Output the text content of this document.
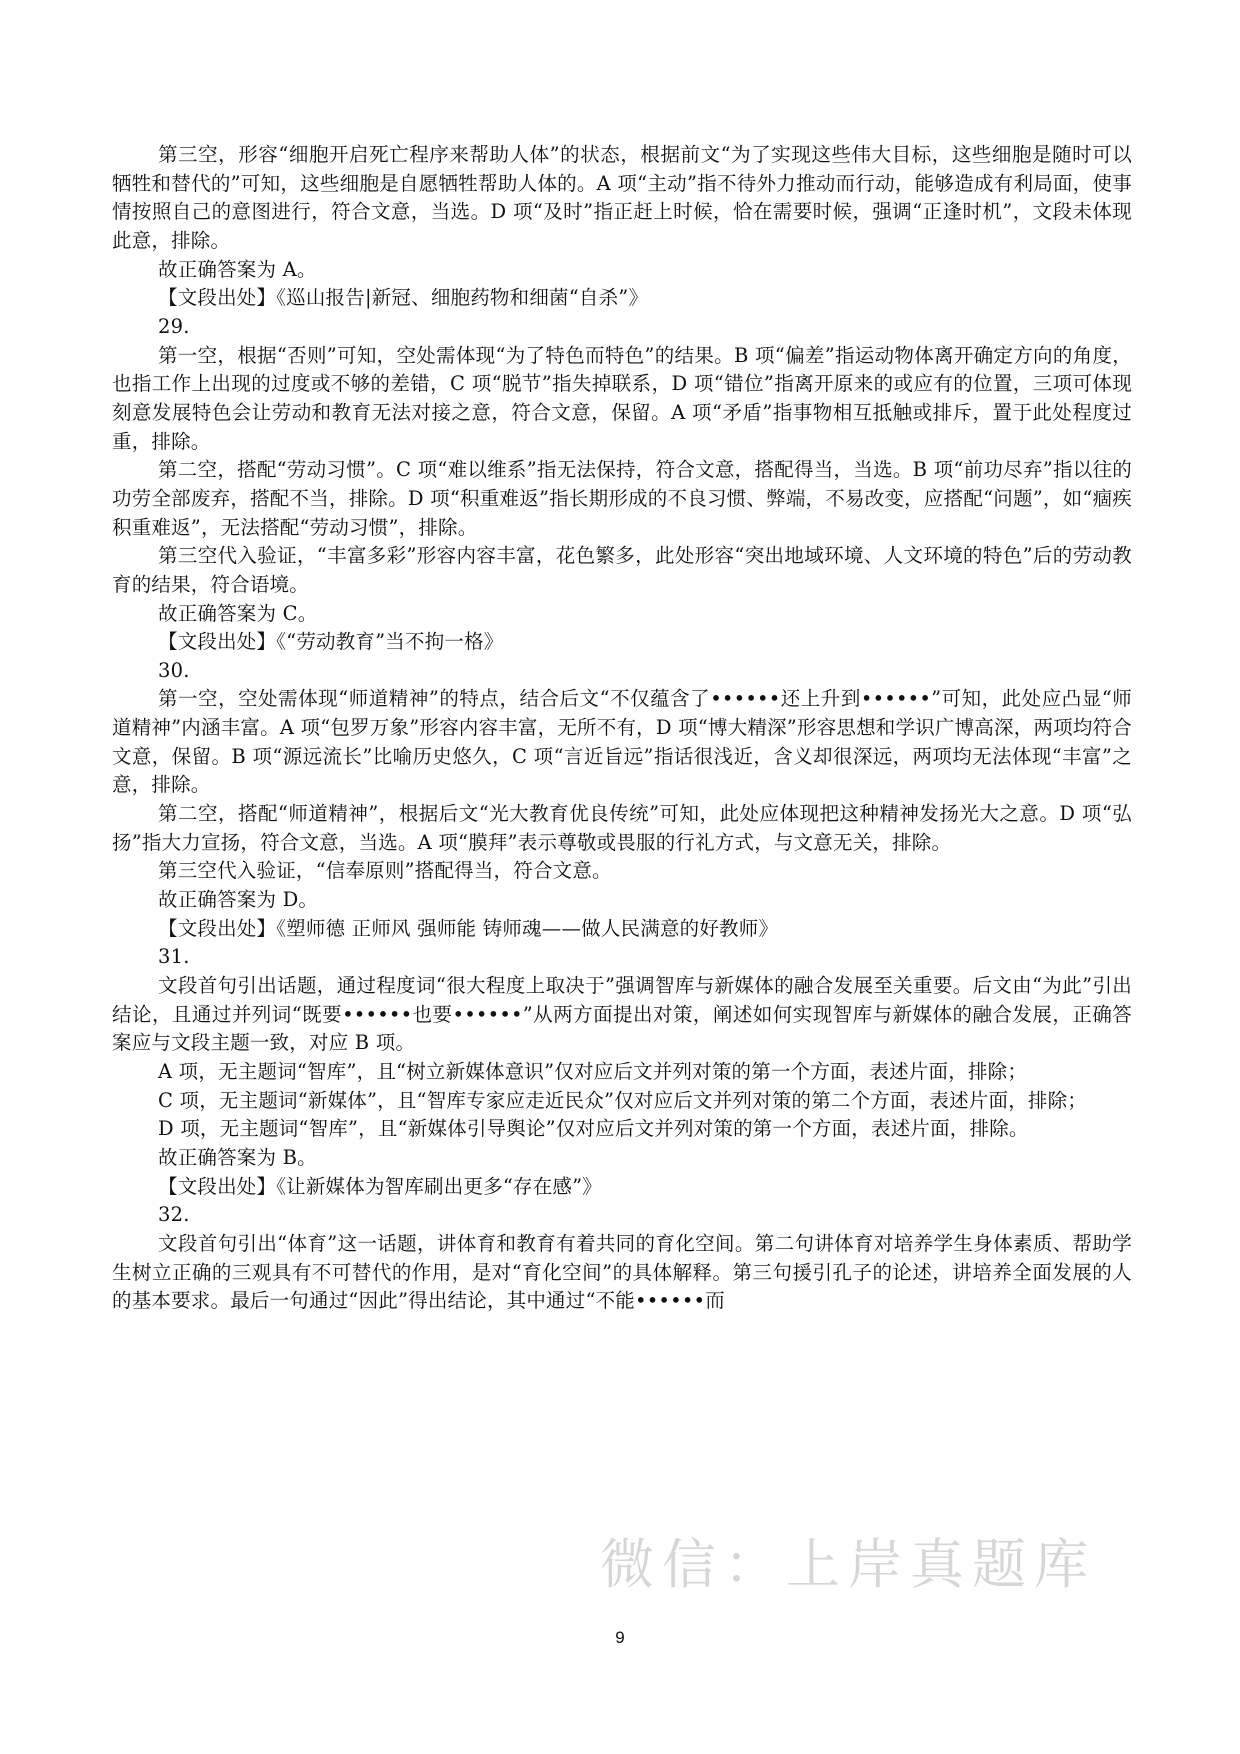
第三空，形容“细胞开启死亡程序来帮助人体”的状态，根据前文“为了实现这些伟大目标，这些细胞是随时可以牺牲和替代的”可知，这些细胞是自愿牺牲帮助人体的。A 项“主动”指不待外力推动而行动，能够造成有利局面，使事情按照自己的意图进行，符合文意，当选。D 项“及时”指正赶上时候，恰在需要时候，强调“正逢时机”，文段未体现此意，排除。

故正确答案为 A。

【文段出处】《巡山报告|新冠、细胞药物和细菌“自杀”》

29.

第一空，根据“否则”可知，空处需体现“为了特色而特色”的结果。B 项“偏差”指运动物体离开确定方向的角度，也指工作上出现的过度或不够的差错，C 项“脱节”指失掉联系，D 项“错位”指离开原来的或应有的位置，三项可体现刻意发展特色会让劳动和教育无法对接之意，符合文意，保留。A 项“矛盾”指事物相互抵触或排斥，置于此处程度过重，排除。

第二空，搭配“劳动习惯”。C 项“难以维系”指无法保持，符合文意，搭配得当，当选。B 项“前功尽弃”指以往的功劳全部废弃，搭配不当，排除。D 项“积重难返”指长期形成的不良习惯、弊端，不易改变，应搭配“问题”，如“痼疾积重难返”，无法搭配“劳动习惯”，排除。

第三空代入验证，“丰富多彩”形容内容丰富，花色繁多，此处形容“突出地域环境、人文环境的特色”后的劳动教育的结果，符合语境。

故正确答案为 C。

【文段出处】《“劳动教育”当不拘一格》

30.

第一空，空处需体现“师道精神”的特点，结合后文“不仅蕴含了••••••还上升到••••••”可知，此处应凸显“师道精神”内涵丰富。A 项“包罗万象”形容内容丰富，无所不有，D 项“博大精深”形容思想和学识广博高深，两项均符合文意，保留。B 项“源远流长”比喻历史悠久，C 项“言近旨远”指话很浅近，含义却很深远，两项均无法体现“丰富”之意，排除。

第二空，搭配“师道精神”，根据后文“光大教育优良传统”可知，此处应体现把这种精神发扬光大之意。D 项“弘扬”指大力宣扬，符合文意，当选。A 项“膜拜”表示尊敬或畏服的行礼方式，与文意无关，排除。

第三空代入验证，“信奉原则”搭配得当，符合文意。

故正确答案为 D。

【文段出处】《塑师德 正师风 强师能 铸师魂——做人民满意的好教师》

31.

文段首句引出话题，通过程度词“很大程度上取决于”强调智库与新媒体的融合发展至关重要。后文由“为此”引出结论，且通过并列词“既要••••••也要••••••”从两方面提出对策，阐述如何实现智库与新媒体的融合发展，正确答案应与文段主题一致，对应 B 项。

A 项，无主题词“智库”，且“树立新媒体意识”仅对应后文并列对策的第一个方面，表述片面，排除；

C 项，无主题词“新媒体”，且“智库专家应走近民众”仅对应后文并列对策的第二个方面，表述片面，排除；

D 项，无主题词“智库”，且“新媒体引导舆论”仅对应后文并列对策的第一个方面，表述片面，排除。

故正确答案为 B。

【文段出处】《让新媒体为智库刷出更多“存在感”》

32.

文段首句引出“体育”这一话题，讲体育和教育有着共同的育化空间。第二句讲体育对培养学生身体素质、帮助学生树立正确的三观具有不可替代的作用，是对“育化空间”的具体解释。第三句援引孔子的论述，讲培养全面发展的人的基本要求。最后一句通过“因此”得出结论，其中通过“不能••••••而

微信：上岸真题库
9
